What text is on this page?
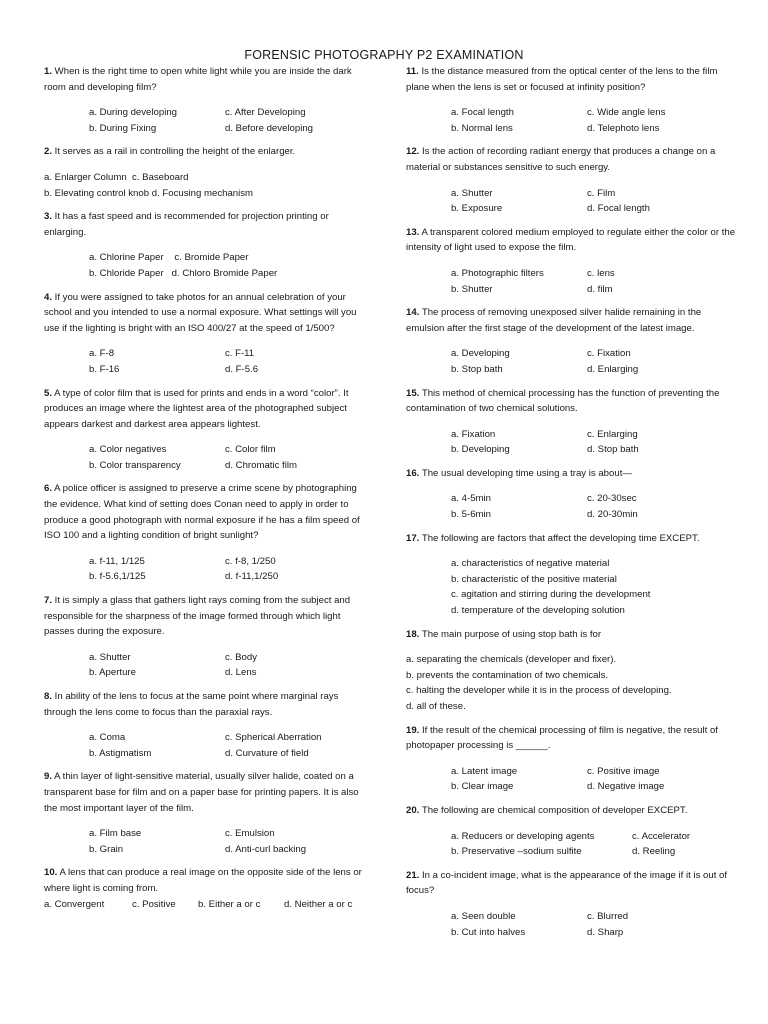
FORENSIC PHOTOGRAPHY P2 EXAMINATION

1. When is the right time to open white light while you are inside the dark room and developing film?

a. During developing	c. After Developing
b. During Fixing	d. Before developing

2. It serves as a rail in controlling the height of the enlarger.

a. Enlarger Column  c. Baseboard
b. Elevating control knob d. Focusing mechanism

3. It has a fast speed and is recommended for projection printing or enlarging.

a. Chlorine Paper    c. Bromide Paper
b. Chloride Paper   d. Chloro Bromide Paper

4. If you were assigned to take photos for an annual celebration of your school and you intended to use a normal exposure. What settings will you use if the lighting is bright with an ISO 400/27 at the speed of 1/500?

a. F-8	c. F-11
b. F-16	d. F-5.6

5. A type of color film that is used for prints and ends in a word “color”. It produces an image where the lightest area of the photographed subject appears darkest and darkest area appears lightest.

a. Color negatives	c. Color film
b. Color transparency	d. Chromatic film

6. A police officer is assigned to preserve a crime scene by photographing the evidence. What kind of setting does Conan need to apply in order to produce a good photograph with normal exposure if he has a film speed of ISO 100 and a lighting condition of bright sunlight?

a. f-11, 1/125	c. f-8, 1/250
b. f-5.6,1/125	d. f-11,1/250

7. It is simply a glass that gathers light rays coming from the subject and responsible for the sharpness of the image formed through which light passes during the exposure.

a. Shutter	c. Body
b. Aperture	d. Lens

8. In ability of the lens to focus at the same point where marginal rays through the lens come to focus than the paraxial rays.

a. Coma	c. Spherical Aberration
b. Astigmatism	d. Curvature of field

9. A thin layer of light-sensitive material, usually silver halide, coated on a transparent base for film and on a paper base for printing papers. It is also the most important layer of the film.

a. Film base	c. Emulsion
b. Grain	d. Anti-curl backing

10. A lens that can produce a real image on the opposite side of the lens or where light is coming from.

a. Convergent	c. Positive	b. Either a or c	d. Neither a or c

11. Is the distance measured from the optical center of the lens to the film plane when the lens is set or focused at infinity position?

a. Focal length	c. Wide angle lens
b. Normal lens	d. Telephoto lens

12. Is the action of recording radiant energy that produces a change on a material or substances sensitive to such energy.

a. Shutter	c. Film
b. Exposure	d. Focal length

13. A transparent colored medium employed to regulate either the color or the intensity of light used to expose the film.

a. Photographic filters	c. lens
b. Shutter	d. film

14. The process of removing unexposed silver halide remaining in the emulsion after the first stage of the development of the latest image.

a. Developing	c. Fixation
b. Stop bath	d. Enlarging

15. This method of chemical processing has the function of preventing the contamination of two chemical solutions.

a. Fixation	c. Enlarging
b. Developing	d. Stop bath

16. The usual developing time using a tray is about—

a. 4-5min	c. 20-30sec
b. 5-6min	d. 20-30min

17. The following are factors that affect the developing time EXCEPT.

a. characteristics of negative material
b. characteristic of the positive material
c. agitation and stirring during the development
d. temperature of the developing solution

18. The main purpose of using stop bath is for

a. separating the chemicals (developer and fixer).
b. prevents the contamination of two chemicals.
c. halting the developer while it is in the process of developing.
d. all of these.

19. If the result of the chemical processing of film is negative, the result of photopaper processing is ______.

a. Latent image	c. Positive image
b. Clear image	d. Negative image

20. The following are chemical composition of developer EXCEPT.

a. Reducers or developing agents	c. Accelerator
b. Preservative –sodium sulfite	d. Reeling

21. In a co-incident image, what is the appearance of the image if it is out of focus?

a. Seen double	c. Blurred
b. Cut into halves	d. Sharp
